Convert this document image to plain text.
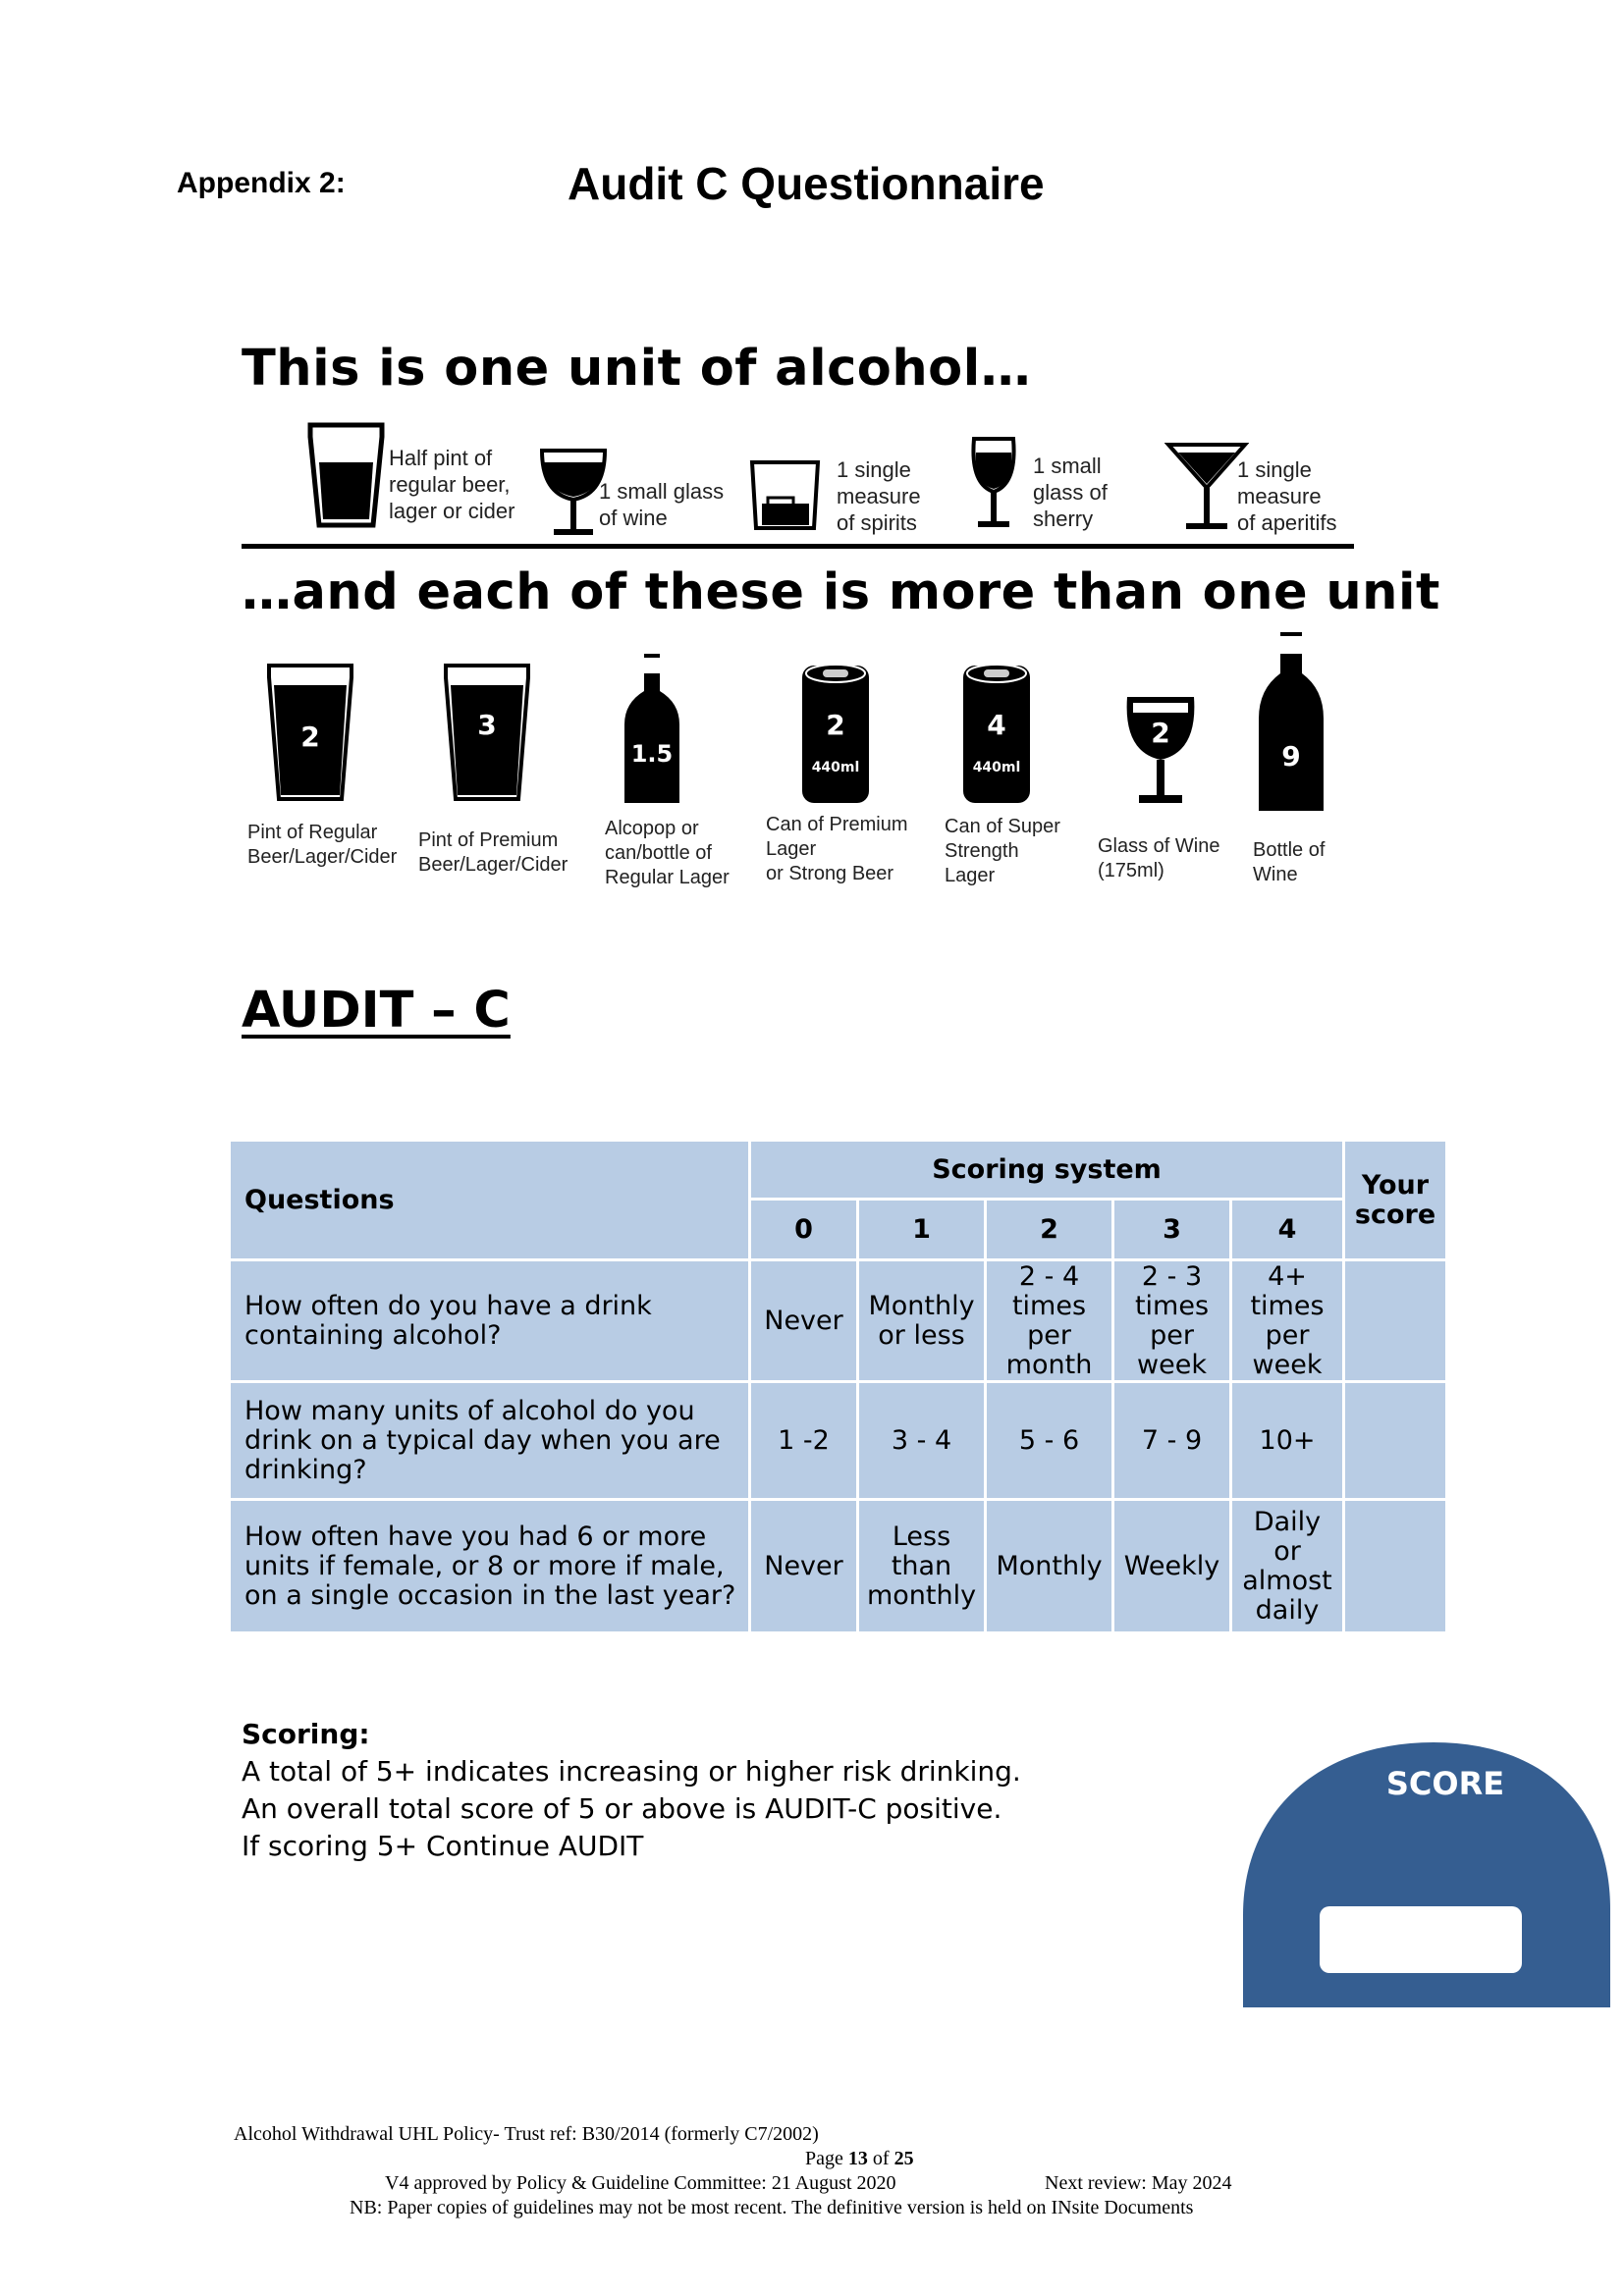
Appendix 2:	Audit C Questionnaire
This is one unit of alcohol…
Half pint of
regular beer,
lager or cider
1 small glass
of wine
1 single
measure
of spirits
1 small
glass of
sherry
1 single
measure
of aperitifs
…and each of these is more than one unit
2
Pint of Regular
Beer/Lager/Cider
3
Pint of Premium
Beer/Lager/Cider
1.5
Alcopop or
can/bottle of
Regular Lager
2
440ml
Can of Premium
Lager
or Strong Beer
4
440ml
Can of Super
Strength
Lager
2
Glass of Wine
(175ml)
9
Bottle of
Wine
AUDIT – C
Questions	Scoring system					Your score
	0	1	2	3	4	
How often do you have a drink containing alcohol?	Never	Monthly or less	2 - 4 times per month	2 - 3 times per week	4+ times per week	
How many units of alcohol do you drink on a typical day when you are drinking?	1 -2	3 - 4	5 - 6	7 - 9	10+	
How often have you had 6 or more units if female, or 8 or more if male, on a single occasion in the last year?	Never	Less than monthly	Monthly	Weekly	Daily or almost daily	
Scoring:
A total of 5+ indicates increasing or higher risk drinking.
An overall total score of 5 or above is AUDIT-C positive.
If scoring 5+ Continue AUDIT
SCORE
Alcohol Withdrawal UHL Policy- Trust ref: B30/2014 (formerly C7/2002)
Page 13 of 25
V4 approved by Policy & Guideline Committee: 21 August 2020	Next review: May 2024
NB: Paper copies of guidelines may not be most recent. The definitive version is held on INsite Documents
